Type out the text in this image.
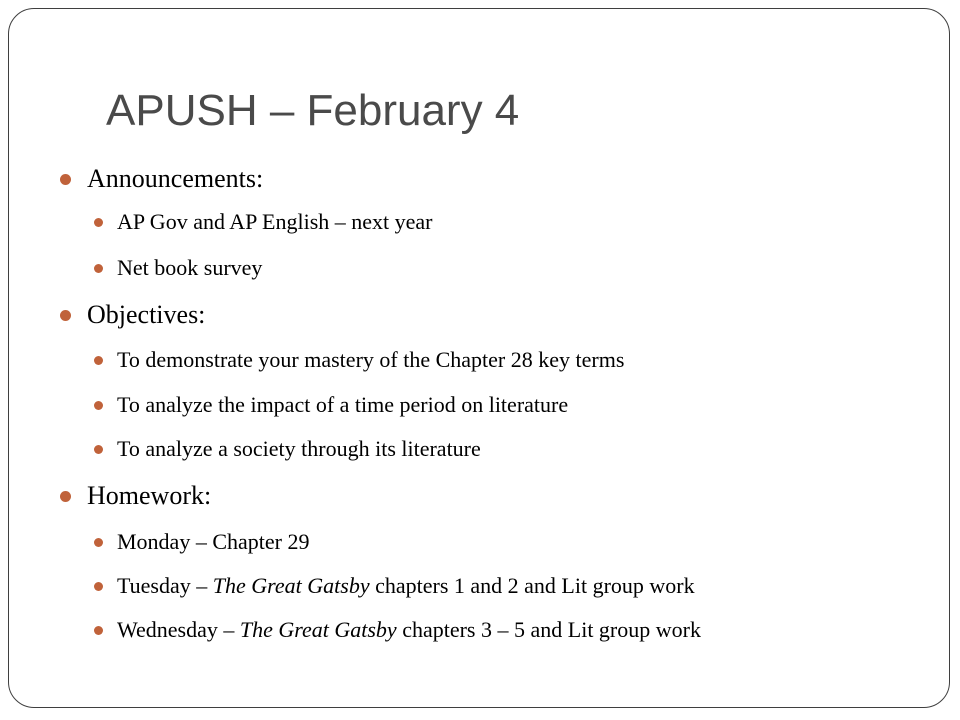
APUSH – February 4
Announcements:
AP Gov and AP English – next year
Net book survey
Objectives:
To demonstrate your mastery of the Chapter 28 key terms
To analyze the impact of a time period on literature
To analyze a society through its literature
Homework:
Monday – Chapter 29
Tuesday – The Great Gatsby chapters 1 and 2 and Lit group work
Wednesday – The Great Gatsby chapters 3 – 5 and Lit group work
